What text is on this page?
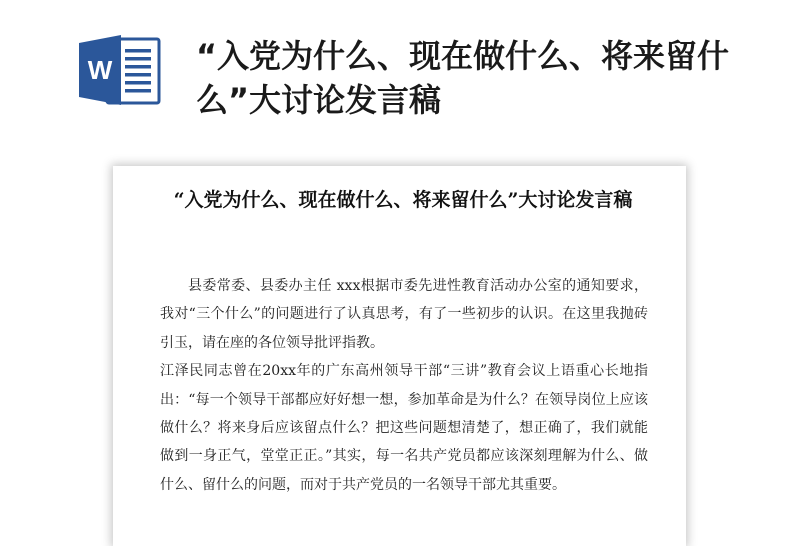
W	“入党为什么、现在做什么、将来留什么”大讨论发言稿
“入党为什么、现在做什么、将来留什么”大讨论发言稿

县委常委、县委办主任 xxx根据市委先进性教育活动办公室的通知要求，我对“三个什么”的问题进行了认真思考，有了一些初步的认识。在这里我抛砖引玉，请在座的各位领导批评指教。

江泽民同志曾在20xx年的广东高州领导干部“三讲”教育会议上语重心长地指出：“每一个领导干部都应好好想一想，参加革命是为什么？在领导岗位上应该做什么？将来身后应该留点什么？把这些问题想清楚了，想正确了，我们就能做到一身正气，堂堂正正。”其实，每一名共产党员都应该深刻理解为什么、做什么、留什么的问题，而对于共产党员的一名领导干部尤其重要。
